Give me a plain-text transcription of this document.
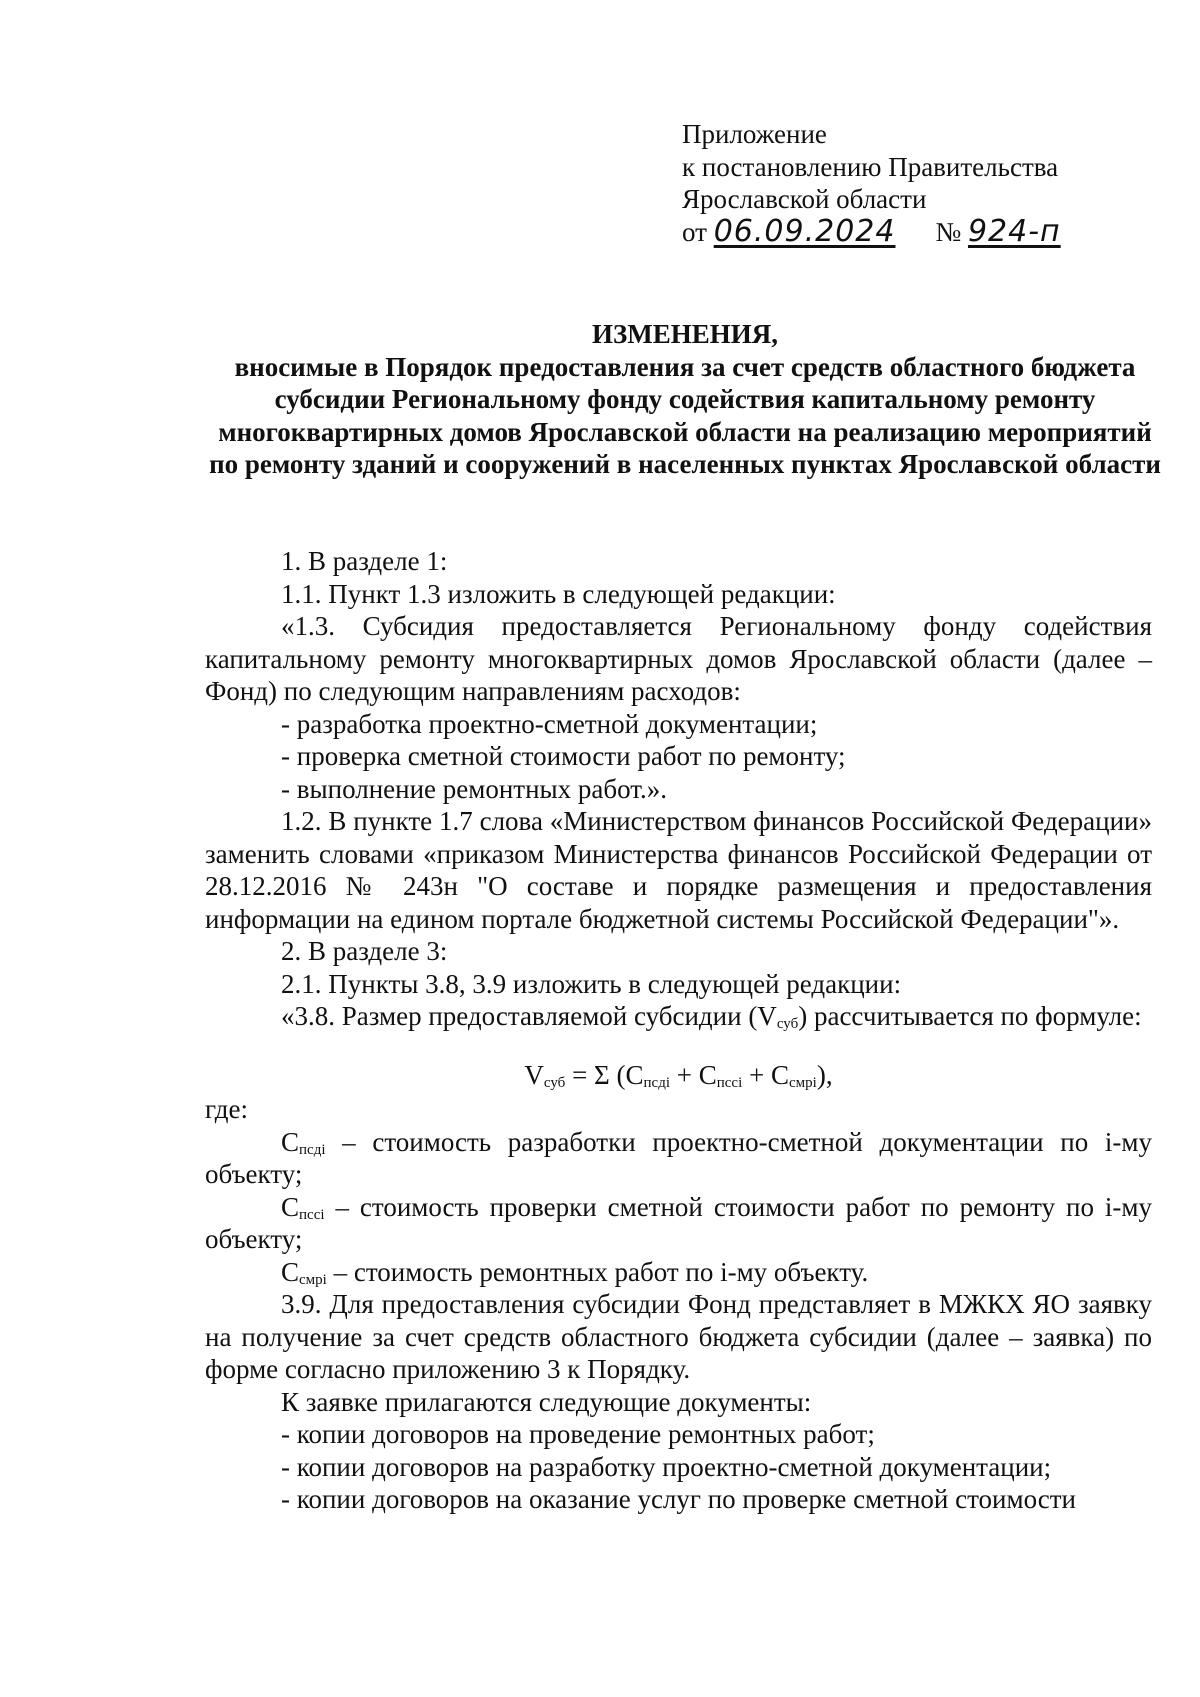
Приложение
к постановлению Правительства
Ярославской области
от 06.09.2024 № 924-п
ИЗМЕНЕНИЯ,
вносимые в Порядок предоставления за счет средств областного бюджета субсидии Региональному фонду содействия капитальному ремонту многоквартирных домов Ярославской области на реализацию мероприятий по ремонту зданий и сооружений в населенных пунктах Ярославской области

1. В разделе 1:

1.1. Пункт 1.3 изложить в следующей редакции:

«1.3. Субсидия предоставляется Региональному фонду содействия капитальному ремонту многоквартирных домов Ярославской области (далее – Фонд) по следующим направлениям расходов:

- разработка проектно-сметной документации;

- проверка сметной стоимости работ по ремонту;

- выполнение ремонтных работ.».

1.2. В пункте 1.7 слова «Министерством финансов Российской Федерации» заменить словами «приказом Министерства финансов Российской Федерации от 28.12.2016 № 243н "О составе и порядке размещения и предоставления информации на едином портале бюджетной системы Российской Федерации"».

2. В разделе 3:

2.1. Пункты 3.8, 3.9 изложить в следующей редакции:

«3.8. Размер предоставляемой субсидии $(V_{суб})$ рассчитывается по формуле:

$V_{суб} = \Sigma$ $(C_{псдi} + C_{пссi} + C_{смрi})$,

где:

$C_{псдi}$ – стоимость разработки проектно-сметной документации по i-му объекту;

$C_{пссi}$ – стоимость проверки сметной стоимости работ по ремонту по i-му объекту;

$C_{смрi}$ – стоимость ремонтных работ по i-му объекту.

3.9. Для предоставления субсидии Фонд представляет в МЖКХ ЯО заявку на получение за счет средств областного бюджета субсидии (далее – заявка) по форме согласно приложению 3 к Порядку.

К заявке прилагаются следующие документы:

- копии договоров на проведение ремонтных работ;

- копии договоров на разработку проектно-сметной документации;

- копии договоров на оказание услуг по проверке сметной стоимости
